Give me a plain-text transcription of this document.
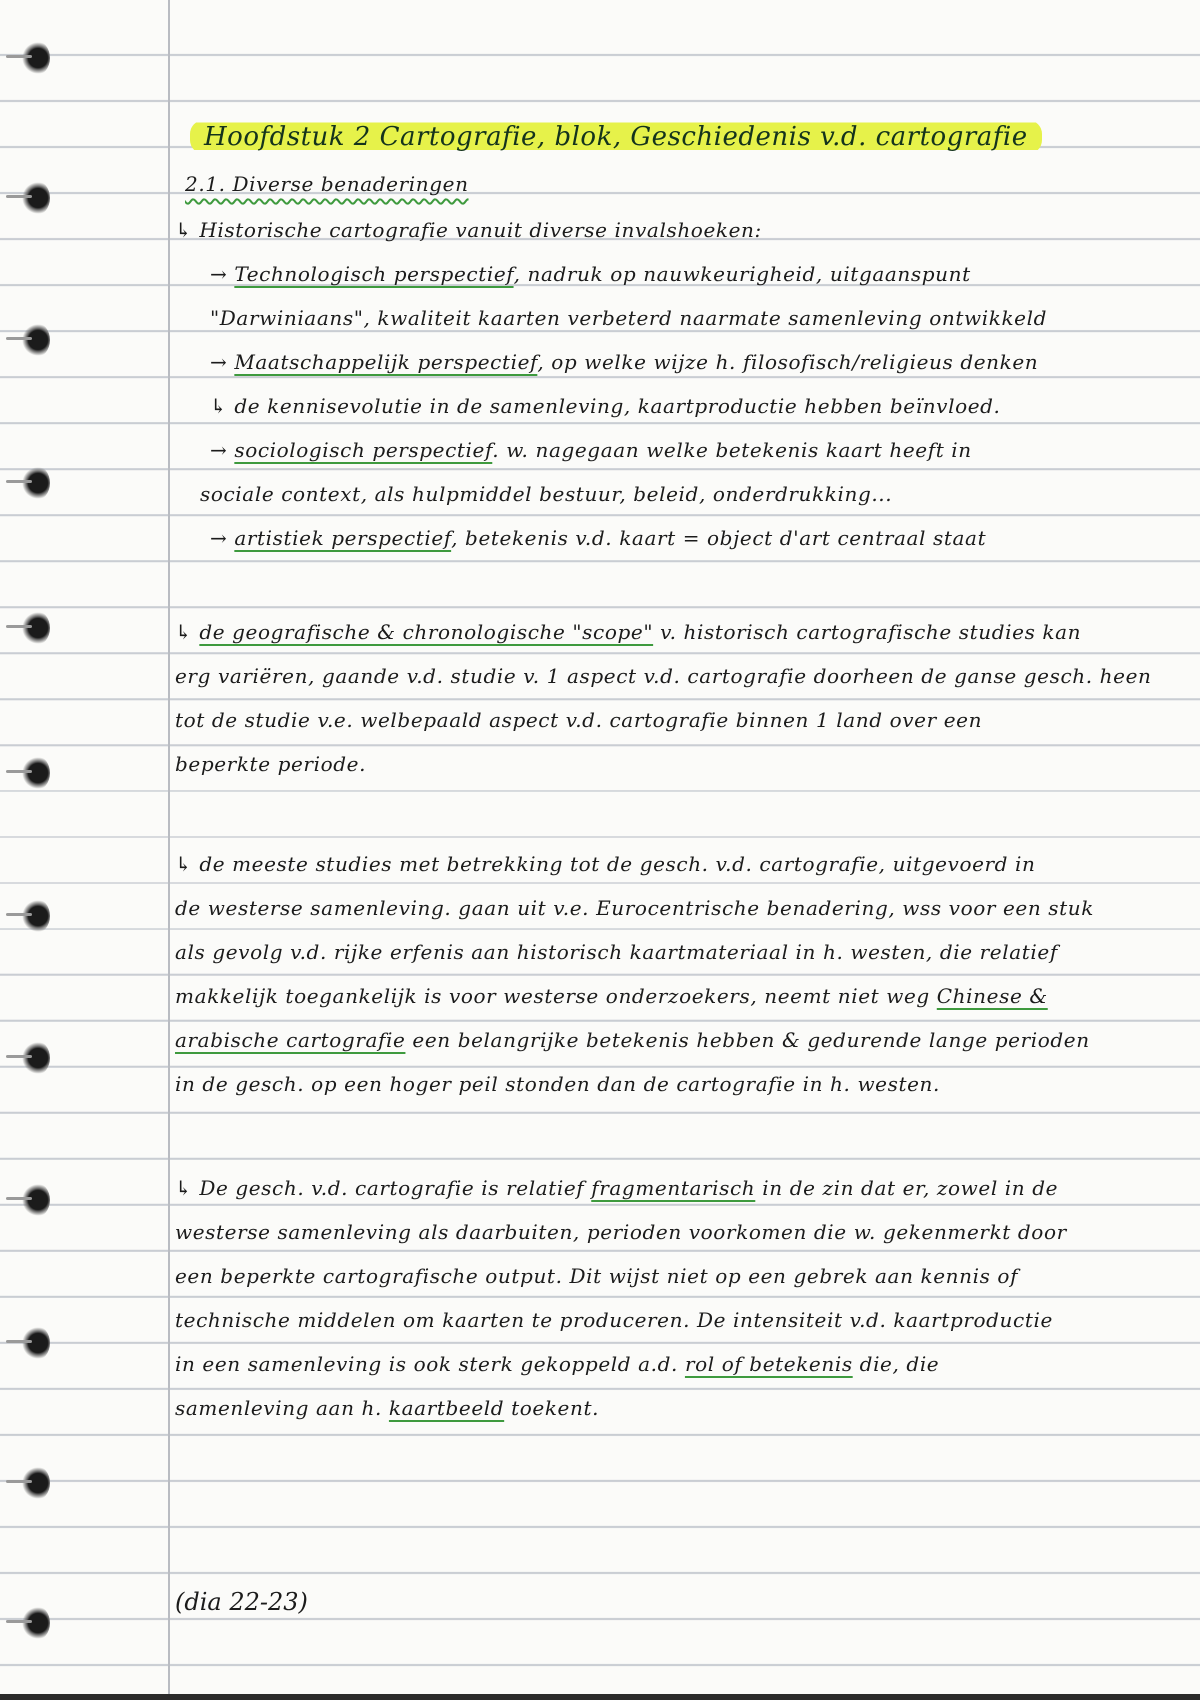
Hoofdstuk 2 Cartografie, blok, Geschiedenis v.d. cartografie
2.1. Diverse benaderingen
↳ Historische cartografie vanuit diverse invalshoeken:
→ Technologisch perspectief, nadruk op nauwkeurigheid, uitgaanspunt
"Darwiniaans", kwaliteit kaarten verbeterd naarmate samenleving ontwikkeld
→ Maatschappelijk perspectief, op welke wijze h. filosofisch/religieus denken
↳ de kennisevolutie in de samenleving, kaartproductie hebben beïnvloed.
→ sociologisch perspectief. w. nagegaan welke betekenis kaart heeft in
sociale context, als hulpmiddel bestuur, beleid, onderdrukking...
→ artistiek perspectief, betekenis v.d. kaart = object d'art centraal staat
↳ de geografische & chronologische "scope" v. historisch cartografische studies kan
erg variëren, gaande v.d. studie v. 1 aspect v.d. cartografie doorheen de ganse gesch. heen
tot de studie v.e. welbepaald aspect v.d. cartografie binnen 1 land over een
beperkte periode.
↳ de meeste studies met betrekking tot de gesch. v.d. cartografie, uitgevoerd in
de westerse samenleving. gaan uit v.e. Eurocentrische benadering, wss voor een stuk
als gevolg v.d. rijke erfenis aan historisch kaartmateriaal in h. westen, die relatief
makkelijk toegankelijk is voor westerse onderzoekers, neemt niet weg Chinese &
arabische cartografie een belangrijke betekenis hebben & gedurende lange perioden
in de gesch. op een hoger peil stonden dan de cartografie in h. westen.
↳ De gesch. v.d. cartografie is relatief fragmentarisch in de zin dat er, zowel in de
westerse samenleving als daarbuiten, perioden voorkomen die w. gekenmerkt door
een beperkte cartografische output. Dit wijst niet op een gebrek aan kennis of
technische middelen om kaarten te produceren. De intensiteit v.d. kaartproductie
in een samenleving is ook sterk gekoppeld a.d. rol of betekenis die, die
samenleving aan h. kaartbeeld toekent.
(dia 22-23)
